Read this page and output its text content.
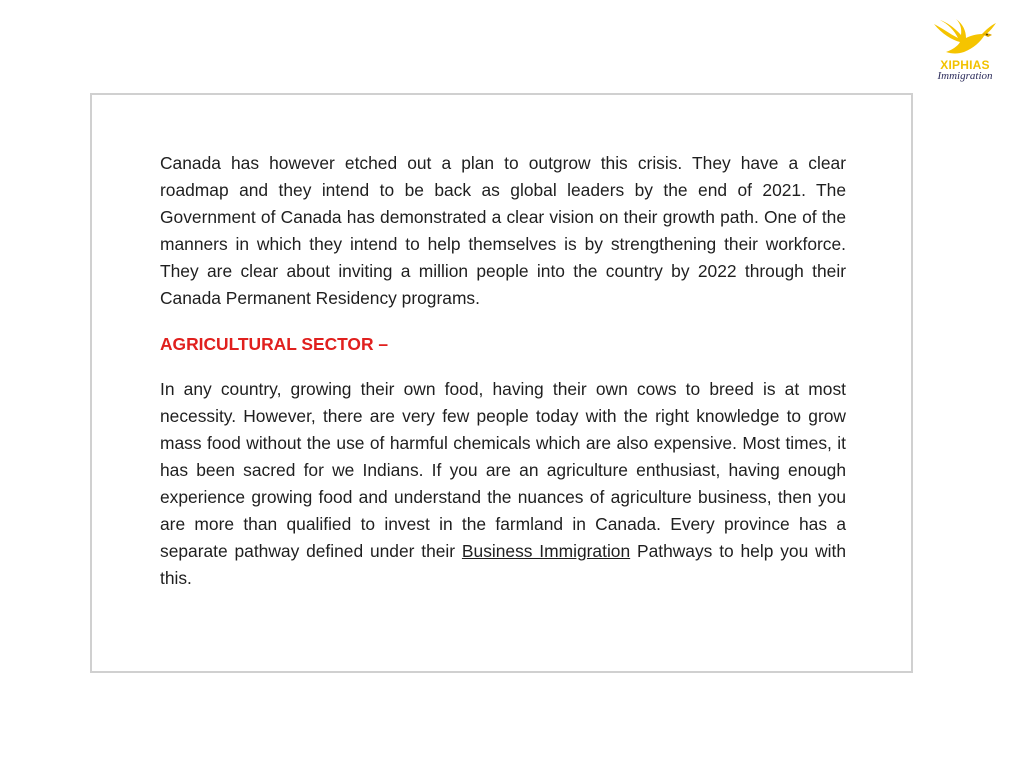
XIPHIAS
Immigration

Canada has however etched out a plan to outgrow this crisis. They have a clear roadmap and they intend to be back as global leaders by the end of 2021. The Government of Canada has demonstrated a clear vision on their growth path. One of the manners in which they intend to help themselves is by strengthening their workforce. They are clear about inviting a million people into the country by 2022 through their Canada Permanent Residency programs.

AGRICULTURAL SECTOR –

In any country, growing their own food, having their own cows to breed is at most necessity. However, there are very few people today with the right knowledge to grow mass food without the use of harmful chemicals which are also expensive. Most times, it has been sacred for we Indians. If you are an agriculture enthusiast, having enough experience growing food and understand the nuances of agriculture business, then you are more than qualified to invest in the farmland in Canada. Every province has a separate pathway defined under their Business Immigration Pathways to help you with this.
